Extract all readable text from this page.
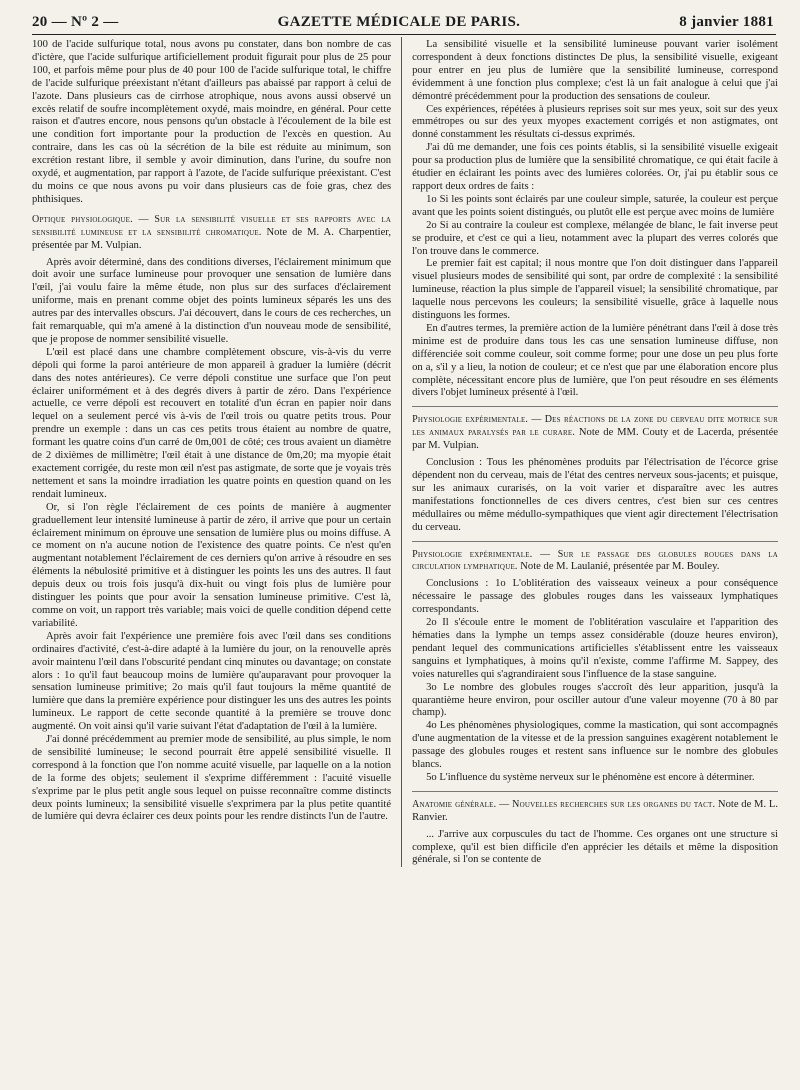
20 — Nº 2 —	GAZETTE MÉDICALE DE PARIS.	8 janvier 1881

100 de l'acide sulfurique total, nous avons pu constater, dans bon nombre de cas d'ictère, que l'acide sulfurique artificiellement produit figurait pour plus de 25 pour 100, et parfois même pour plus de 40 pour 100 de l'acide sulfurique total, le chiffre de l'acide sulfurique préexistant n'étant d'ailleurs pas abaissé par rapport à celui de l'azote. Dans plusieurs cas de cirrhose atrophique, nous avons aussi observé un excès relatif de soufre incomplètement oxydé, mais moindre, en général. Pour cette raison et d'autres encore, nous pensons qu'un obstacle à l'écoulement de la bile est une condition fort importante pour la production de l'excès en question. Au contraire, dans les cas où la sécrétion de la bile est réduite au minimum, son excrétion restant libre, il semble y avoir diminution, dans l'urine, du soufre non oxydé, et augmentation, par rapport à l'azote, de l'acide sulfurique préexistant. C'est du moins ce que nous avons pu voir dans plusieurs cas de foie gras, chez des phthisiques.

Optique physiologique. — Sur la sensibilité visuelle et ses rapports avec la sensibilité lumineuse et la sensibilité chromatique. Note de M. A. Charpentier, présentée par M. Vulpian.

Après avoir déterminé, dans des conditions diverses, l'éclairement minimum que doit avoir une surface lumineuse pour provoquer une sensation de lumière dans l'œil, j'ai voulu faire la même étude, non plus sur des surfaces d'éclairement uniforme, mais en prenant comme objet des points lumineux séparés les uns des autres par des intervalles obscurs. J'ai découvert, dans le cours de ces recherches, un fait remarquable, qui m'a amené à la distinction d'un nouveau mode de sensibilité, que je propose de nommer sensibilité visuelle.

L'œil est placé dans une chambre complètement obscure, vis-à-vis du verre dépoli qui forme la paroi antérieure de mon appareil à graduer la lumière (décrit dans des notes antérieures). Ce verre dépoli constitue une surface que l'on peut éclairer uniformément et à des degrés divers à partir de zéro. Dans l'expérience actuelle, ce verre dépoli est recouvert en totalité d'un écran en papier noir dans lequel on a seulement percé vis à-vis de l'œil trois ou quatre petits trous. Pour prendre un exemple : dans un cas ces petits trous étaient au nombre de quatre, formant les quatre coins d'un carré de 0m,001 de côté; ces trous avaient un diamètre de 2 dixièmes de millimètre; l'œil était à une distance de 0m,20; ma myopie était exactement corrigée, du reste mon œil n'est pas astigmate, de sorte que je voyais très nettement et sans la moindre irradiation les quatre points en question quand on les rendait lumineux.

Or, si l'on règle l'éclairement de ces points de manière à augmenter graduellement leur intensité lumineuse à partir de zéro, il arrive que pour un certain éclairement minimum on éprouve une sensation de lumière plus ou moins diffuse. A ce moment on n'a aucune notion de l'existence des quatre points. Ce n'est qu'en augmentant notablement l'éclairement de ces derniers qu'on arrive à résoudre en ses éléments la nébulosité primitive et à distinguer les points les uns des autres. Il faut depuis deux ou trois fois jusqu'à dix-huit ou vingt fois plus de lumière pour distinguer les points que pour avoir la sensation lumineuse primitive. C'est là, comme on voit, un rapport très variable; mais voici de quelle condition dépend cette variabilité.

Après avoir fait l'expérience une première fois avec l'œil dans ses conditions ordinaires d'activité, c'est-à-dire adapté à la lumière du jour, on la renouvelle après avoir maintenu l'œil dans l'obscurité pendant cinq minutes ou davantage; on constate alors : 1o qu'il faut beaucoup moins de lumière qu'auparavant pour provoquer la sensation lumineuse primitive; 2o mais qu'il faut toujours la même quantité de lumière que dans la première expérience pour distinguer les uns des autres les points lumineux. Le rapport de cette seconde quantité à la première se trouve donc augmenté. On voit ainsi qu'il varie suivant l'état d'adaptation de l'œil à la lumière.

J'ai donné précédemment au premier mode de sensibilité, au plus simple, le nom de sensibilité lumineuse; le second pourrait être appelé sensibilité visuelle. Il correspond à la fonction que l'on nomme acuité visuelle, par laquelle on a la notion de la forme des objets; seulement il s'exprime différemment : l'acuité visuelle s'exprime par le plus petit angle sous lequel on puisse reconnaître comme distincts deux points lumineux; la sensibilité visuelle s'exprimera par la plus petite quantité de lumière qui devra éclairer ces deux points pour les rendre distincts l'un de l'autre.

La sensibilité visuelle et la sensibilité lumineuse pouvant varier isolément correspondent à deux fonctions distinctes De plus, la sensibilité visuelle, exigeant pour entrer en jeu plus de lumière que la sensibilité lumineuse, correspond évidemment à une fonction plus complexe; c'est là un fait analogue à celui que j'ai démontré précédemment pour la production des sensations de couleur.

Ces expériences, répétées à plusieurs reprises soit sur mes yeux, soit sur des yeux emmétropes ou sur des yeux myopes exactement corrigés et non astigmates, ont donné constamment les résultats ci-dessus exprimés.

J'ai dû me demander, une fois ces points établis, si la sensibilité visuelle exigeait pour sa production plus de lumière que la sensibilité chromatique, ce qui était facile à étudier en éclairant les points avec des lumières colorées. Or, j'ai pu établir sous ce rapport deux ordres de faits :

1o Si les points sont éclairés par une couleur simple, saturée, la couleur est perçue avant que les points soient distingués, ou plutôt elle est perçue avec moins de lumière

2o Si au contraire la couleur est complexe, mélangée de blanc, le fait inverse peut se produire, et c'est ce qui a lieu, notamment avec la plupart des verres colorés que l'on trouve dans le commerce.

Le premier fait est capital; il nous montre que l'on doit distinguer dans l'appareil visuel plusieurs modes de sensibilité qui sont, par ordre de complexité : la sensibilité lumineuse, réaction la plus simple de l'appareil visuel; la sensibilité chromatique, par laquelle nous percevons les couleurs; la sensibilité visuelle, grâce à laquelle nous distinguons les formes.

En d'autres termes, la première action de la lumière pénétrant dans l'œil à dose très minime est de produire dans tous les cas une sensation lumineuse diffuse, non différenciée soit comme couleur, soit comme forme; pour une dose un peu plus forte on a, s'il y a lieu, la notion de couleur; et ce n'est que par une élaboration encore plus complète, nécessitant encore plus de lumière, que l'on peut résoudre en ses éléments divers l'objet lumineux présenté à l'œil.

Physiologie expérimentale. — Des réactions de la zone du cerveau dite motrice sur les animaux paralysés par le curare. Note de MM. Couty et de Lacerda, présentée par M. Vulpian.

Conclusion : Tous les phénomènes produits par l'électrisation de l'écorce grise dépendent non du cerveau, mais de l'état des centres nerveux sous-jacents; et puisque, sur les animaux curarisés, on la voit varier et disparaître avec les autres manifestations fonctionnelles de ces divers centres, c'est bien sur ces centres médullaires ou même médullo-sympathiques que vient agir directement l'électrisation du cerveau.

Physiologie expérimentale. — Sur le passage des globules rouges dans la circulation lymphatique. Note de M. Laulanié, présentée par M. Bouley.

Conclusions : 1o L'oblitération des vaisseaux veineux a pour conséquence nécessaire le passage des globules rouges dans les vaisseaux lymphatiques correspondants.

2o Il s'écoule entre le moment de l'oblitération vasculaire et l'apparition des hématies dans la lymphe un temps assez considérable (douze heures environ), pendant lequel des communications artificielles s'établissent entre les vaisseaux sanguins et lymphatiques, à moins qu'il n'existe, comme l'affirme M. Sappey, des voies naturelles qui s'agrandiraient sous l'influence de la stase sanguine.

3o Le nombre des globules rouges s'accroît dès leur apparition, jusqu'à la quarantième heure environ, pour osciller autour d'une valeur moyenne (70 à 80 par champ).

4o Les phénomènes physiologiques, comme la mastication, qui sont accompagnés d'une augmentation de la vitesse et de la pression sanguines exagèrent notablement le passage des globules rouges et restent sans influence sur le nombre des globules blancs.

5o L'influence du système nerveux sur le phénomène est encore à déterminer.

Anatomie générale. — Nouvelles recherches sur les organes du tact. Note de M. L. Ranvier.

... J'arrive aux corpuscules du tact de l'homme. Ces organes ont une structure si complexe, qu'il est bien difficile d'en apprécier les détails et même la disposition générale, si l'on se contente de
